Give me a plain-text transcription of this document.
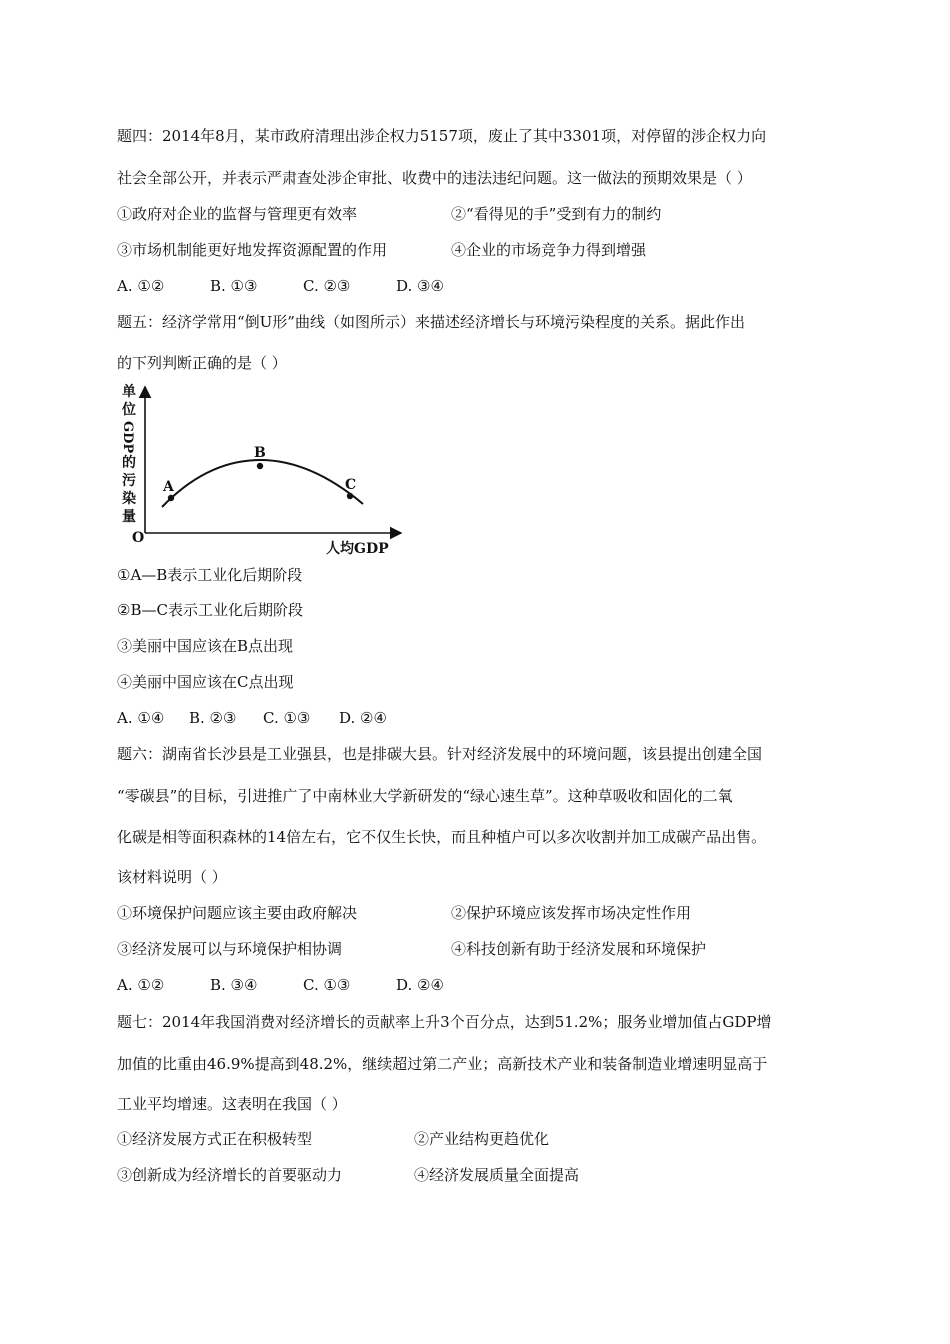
题四：2014年8月，某市政府清理出涉企权力5157项，废止了其中3301项，对停留的涉企权力向
社会全部公开，并表示严肃查处涉企审批、收费中的违法违纪问题。这一做法的预期效果是（ ）
①政府对企业的监督与管理更有效率	②“看得见的手”受到有力的制约
③市场机制能更好地发挥资源配置的作用	④企业的市场竞争力得到增强
A. ①②	B. ①③	C. ②③	D. ③④
题五：经济学常用“倒U形”曲线（如图所示）来描述经济增长与环境污染程度的关系。据此作出
的下列判断正确的是（ ）
单
位
GDP
的
污
染
量
O
人均GDP
A
B
C
①A—B表示工业化后期阶段
②B—C表示工业化后期阶段
③美丽中国应该在B点出现
④美丽中国应该在C点出现
A. ①④ B. ②③ C. ①③ D. ②④
题六：湖南省长沙县是工业强县，也是排碳大县。针对经济发展中的环境问题，该县提出创建全国
“零碳县”的目标，引进推广了中南林业大学新研发的“绿心速生草”。这种草吸收和固化的二氧
化碳是相等面积森林的14倍左右，它不仅生长快，而且种植户可以多次收割并加工成碳产品出售。
该材料说明（ ）
①环境保护问题应该主要由政府解决	②保护环境应该发挥市场决定性作用
③经济发展可以与环境保护相协调	④科技创新有助于经济发展和环境保护
A. ①②	B. ③④	C. ①③	D. ②④
题七：2014年我国消费对经济增长的贡献率上升3个百分点，达到51.2%；服务业增加值占GDP增
加值的比重由46.9%提高到48.2%，继续超过第二产业；高新技术产业和装备制造业增速明显高于
工业平均增速。这表明在我国（ ）
①经济发展方式正在积极转型	②产业结构更趋优化
③创新成为经济增长的首要驱动力	④经济发展质量全面提高
